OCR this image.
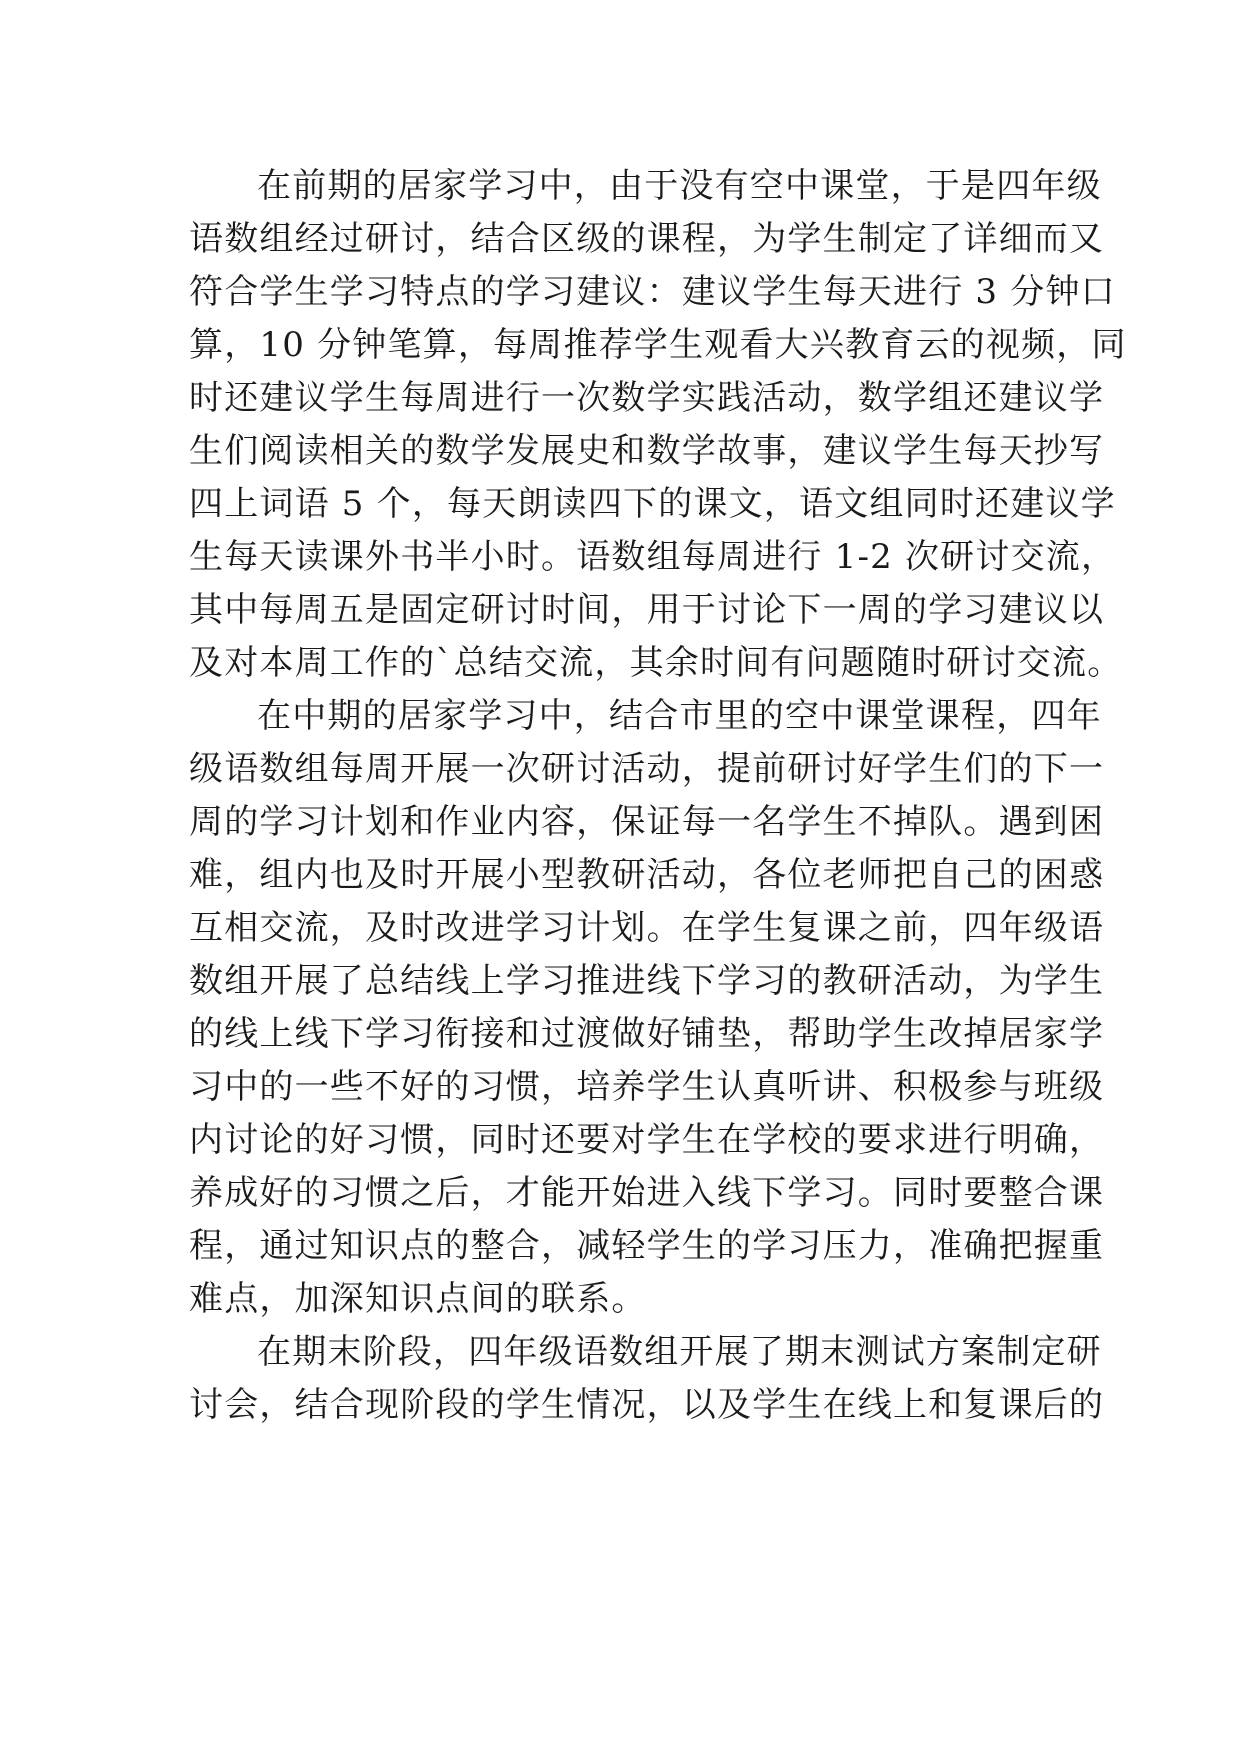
在前期的居家学习中，由于没有空中课堂，于是四年级
语数组经过研讨，结合区级的课程，为学生制定了详细而又
符合学生学习特点的学习建议：建议学生每天进行 3 分钟口
算，10 分钟笔算，每周推荐学生观看大兴教育云的视频，同
时还建议学生每周进行一次数学实践活动，数学组还建议学
生们阅读相关的数学发展史和数学故事，建议学生每天抄写
四上词语 5 个，每天朗读四下的课文，语文组同时还建议学
生每天读课外书半小时。语数组每周进行 1-2 次研讨交流，
其中每周五是固定研讨时间，用于讨论下一周的学习建议以
及对本周工作的`总结交流，其余时间有问题随时研讨交流。
在中期的居家学习中，结合市里的空中课堂课程，四年
级语数组每周开展一次研讨活动，提前研讨好学生们的下一
周的学习计划和作业内容，保证每一名学生不掉队。遇到困
难，组内也及时开展小型教研活动，各位老师把自己的困惑
互相交流，及时改进学习计划。在学生复课之前，四年级语
数组开展了总结线上学习推进线下学习的教研活动，为学生
的线上线下学习衔接和过渡做好铺垫，帮助学生改掉居家学
习中的一些不好的习惯，培养学生认真听讲、积极参与班级
内讨论的好习惯，同时还要对学生在学校的要求进行明确，
养成好的习惯之后，才能开始进入线下学习。同时要整合课
程，通过知识点的整合，减轻学生的学习压力，准确把握重
难点，加深知识点间的联系。
在期末阶段，四年级语数组开展了期末测试方案制定研
讨会，结合现阶段的学生情况，以及学生在线上和复课后的
